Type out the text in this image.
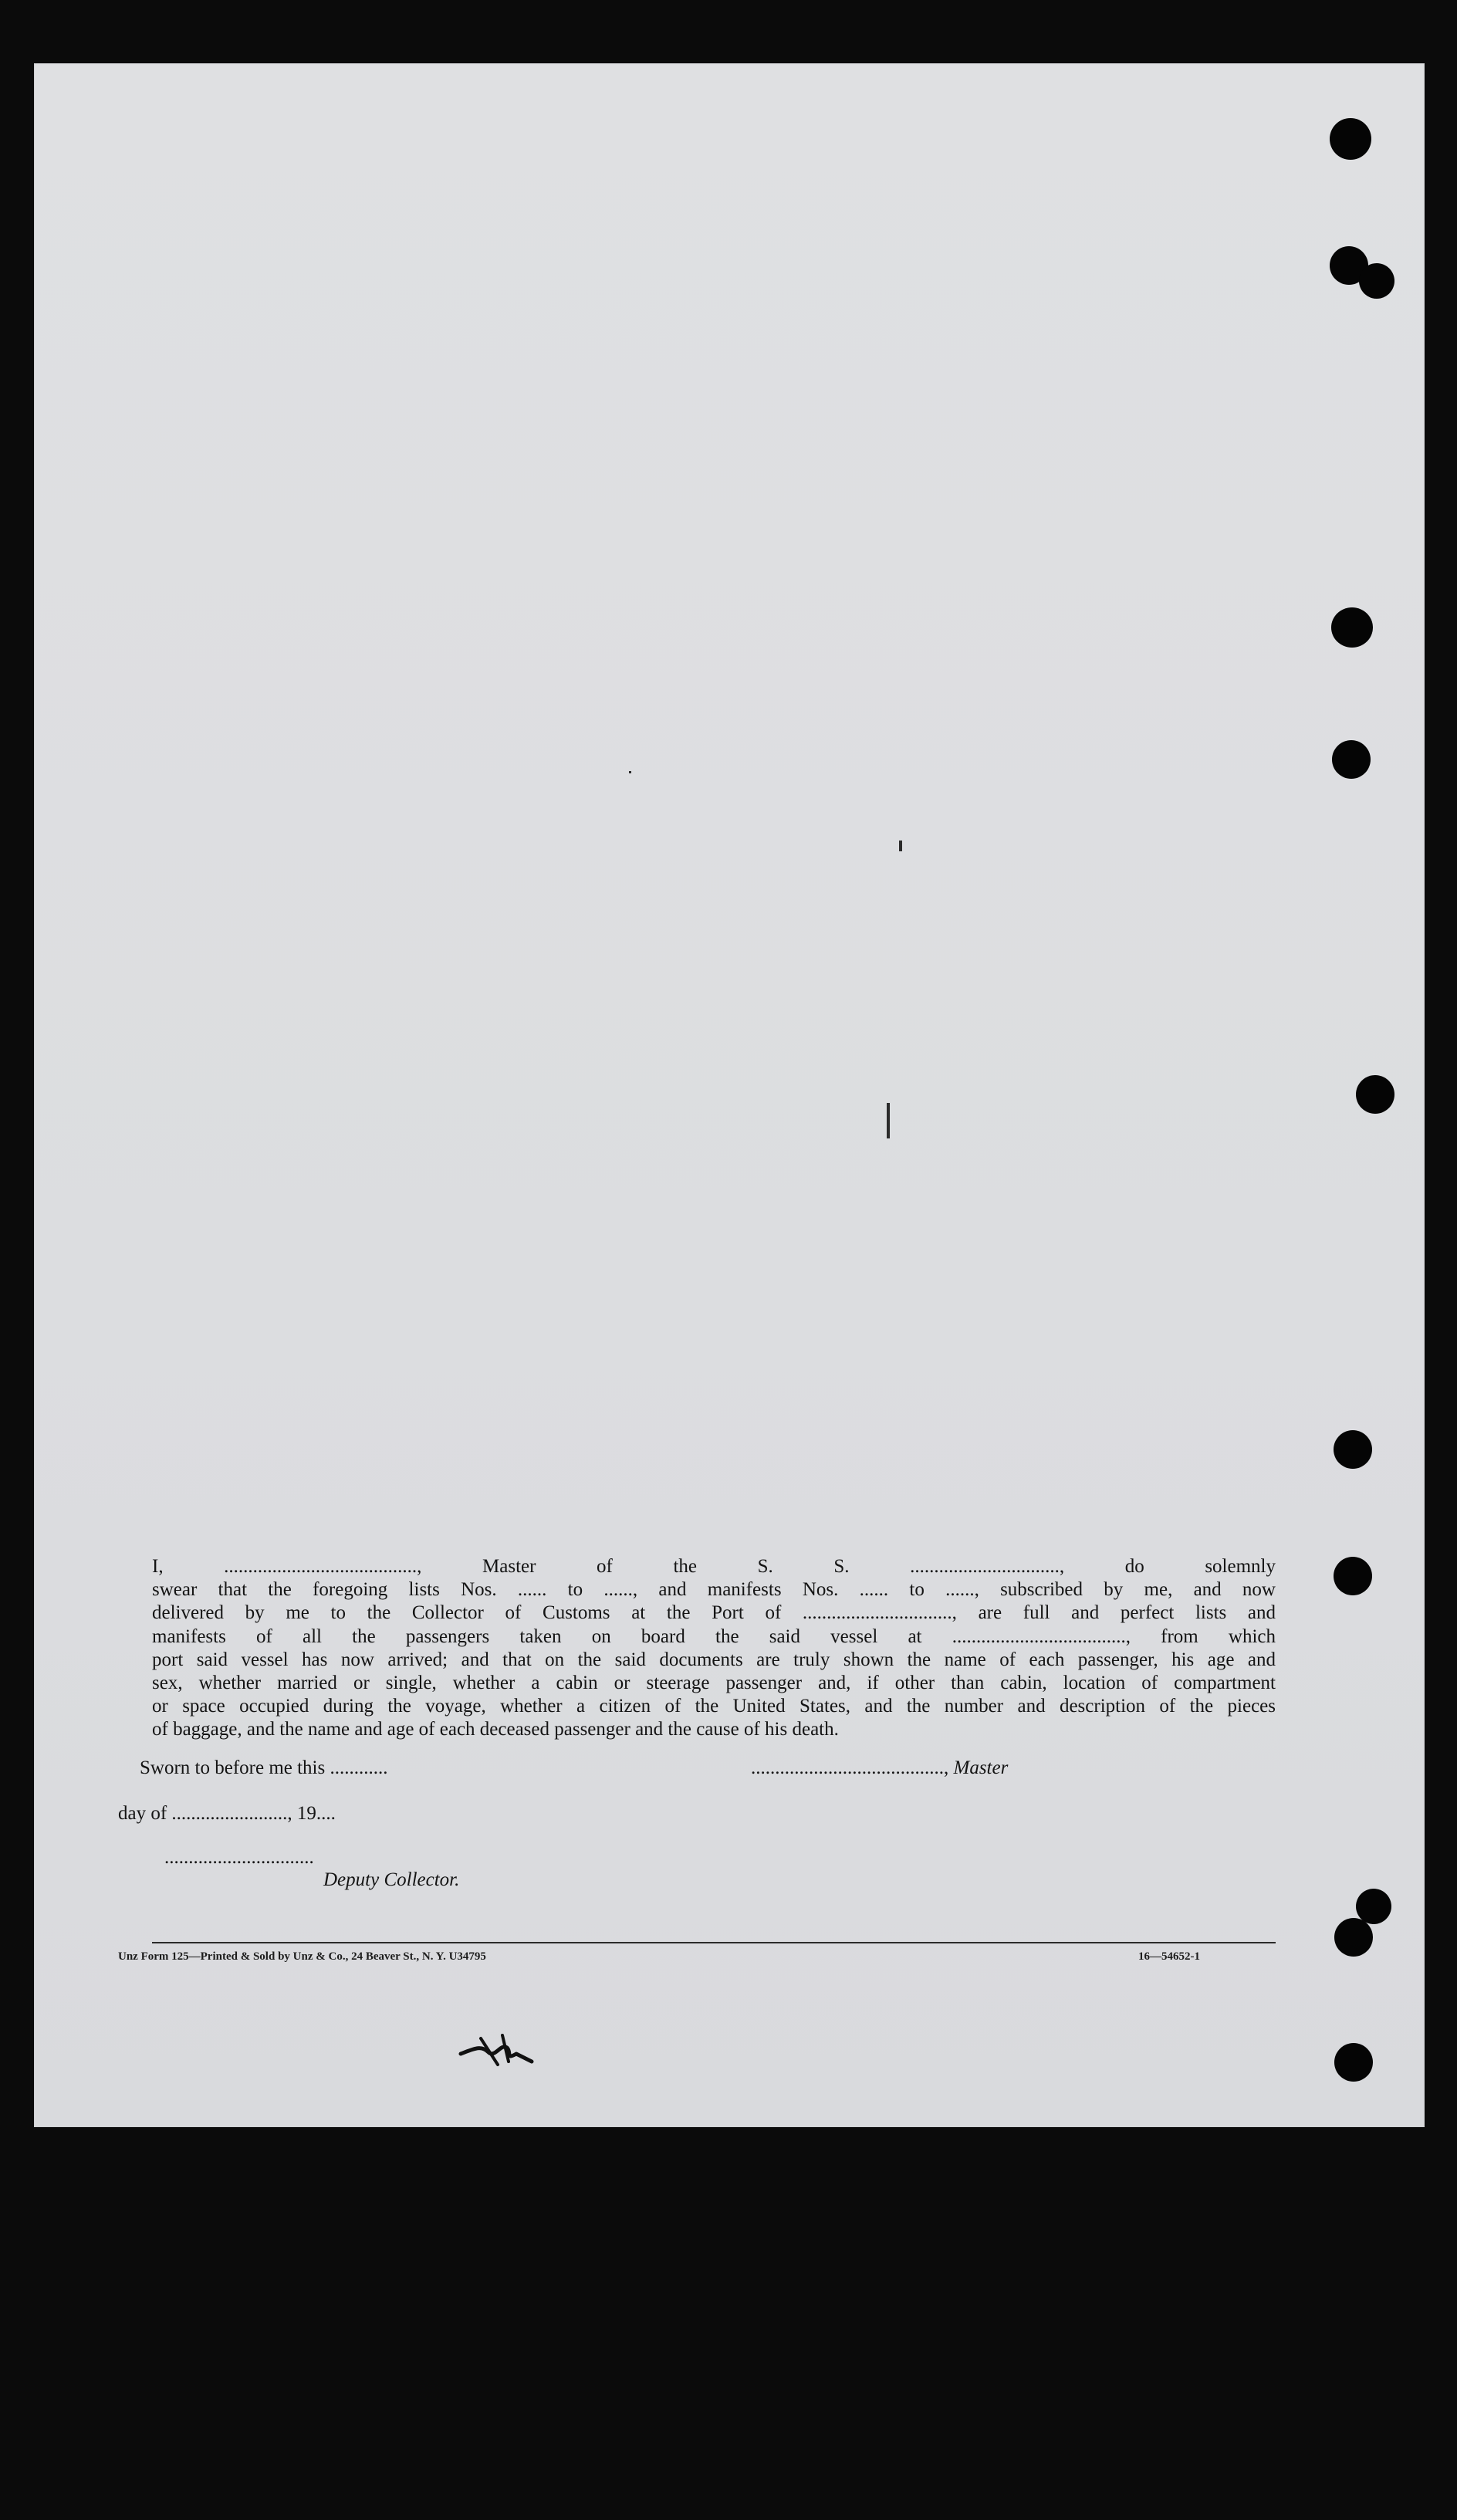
I, ........................................, Master of the S. S. ..............................., do solemnly
swear that the foregoing lists Nos. ...... to ......, and manifests Nos. ...... to ......, subscribed by me, and now
delivered by me to the Collector of Customs at the Port of ..............................., are full and perfect lists and
manifests of all the passengers taken on board the said vessel at ...................................., from which
port said vessel has now arrived; and that on the said documents are truly shown the name of each passenger, his age and
sex, whether married or single, whether a cabin or steerage passenger and, if other than cabin, location of compartment
or space occupied during the voyage, whether a citizen of the United States, and the number and description of the pieces
of baggage, and the name and age of each deceased passenger and the cause of his death.
Sworn to before me this ............	........................................, Master
day of ........................, 19....
...............................
Deputy Collector.
Unz Form 125—Printed & Sold by Unz & Co., 24 Beaver St., N. Y. U34795	16—54652-1
